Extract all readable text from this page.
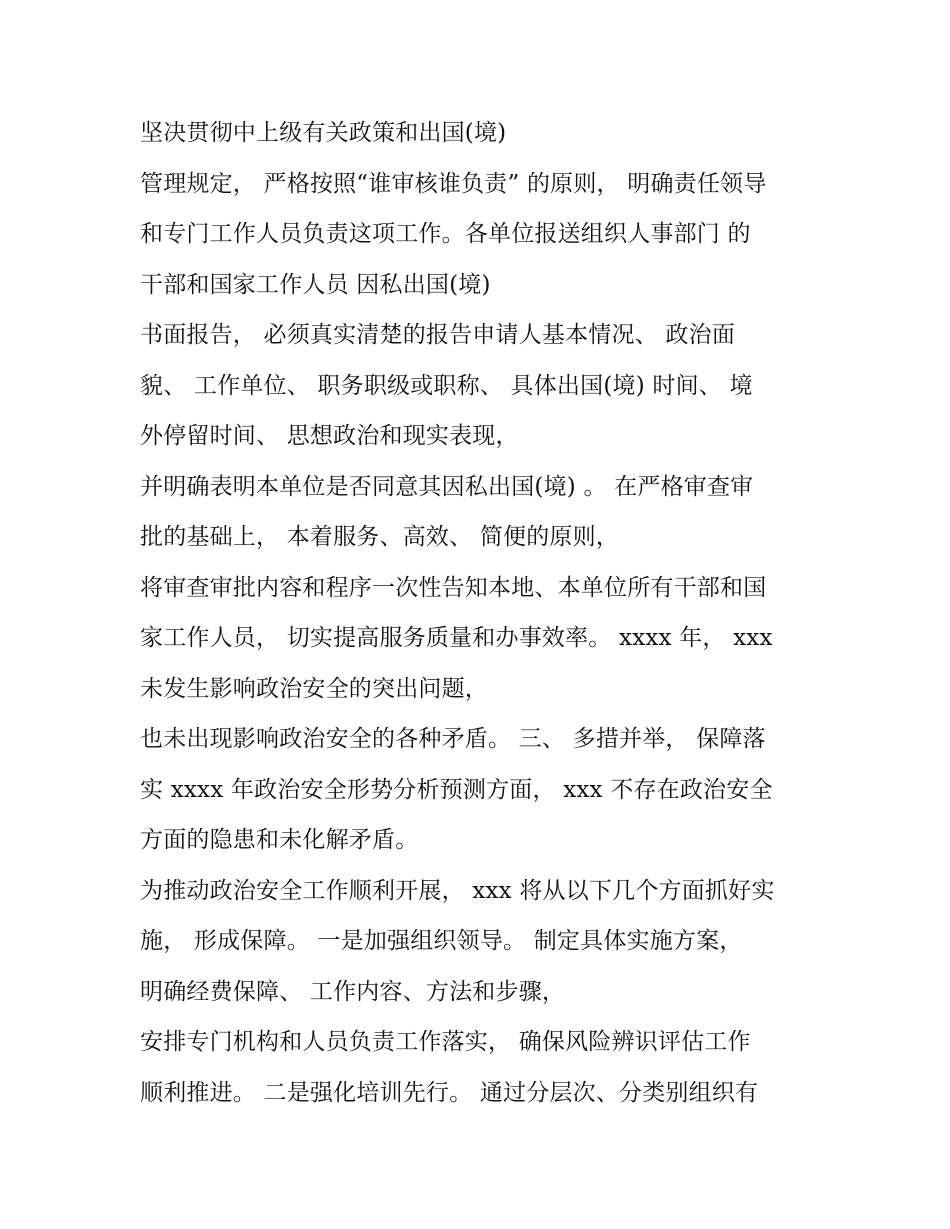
坚决贯彻中上级有关政策和出国(境)
管理规定， 严格按照“谁审核谁负责” 的原则， 明确责任领导
和专门工作人员负责这项工作。各单位报送组织人事部门 的
干部和国家工作人员 因私出国(境)
书面报告， 必须真实清楚的报告申请人基本情况、 政治面
貌、 工作单位、 职务职级或职称、 具体出国(境) 时间、 境
外停留时间、 思想政治和现实表现，
并明确表明本单位是否同意其因私出国(境) 。 在严格审查审
批的基础上， 本着服务、高效、 简便的原则，
将审查审批内容和程序一次性告知本地、本单位所有干部和国
家工作人员， 切实提高服务质量和办事效率。 xxxx 年， xxx
未发生影响政治安全的突出问题，
也未出现影响政治安全的各种矛盾。 三、 多措并举， 保障落
实 xxxx 年政治安全形势分析预测方面， xxx 不存在政治安全
方面的隐患和未化解矛盾。
为推动政治安全工作顺利开展， xxx 将从以下几个方面抓好实
施， 形成保障。 一是加强组织领导。 制定具体实施方案，
明确经费保障、 工作内容、方法和步骤，
安排专门机构和人员负责工作落实， 确保风险辨识评估工作
顺利推进。 二是强化培训先行。 通过分层次、分类别组织有
